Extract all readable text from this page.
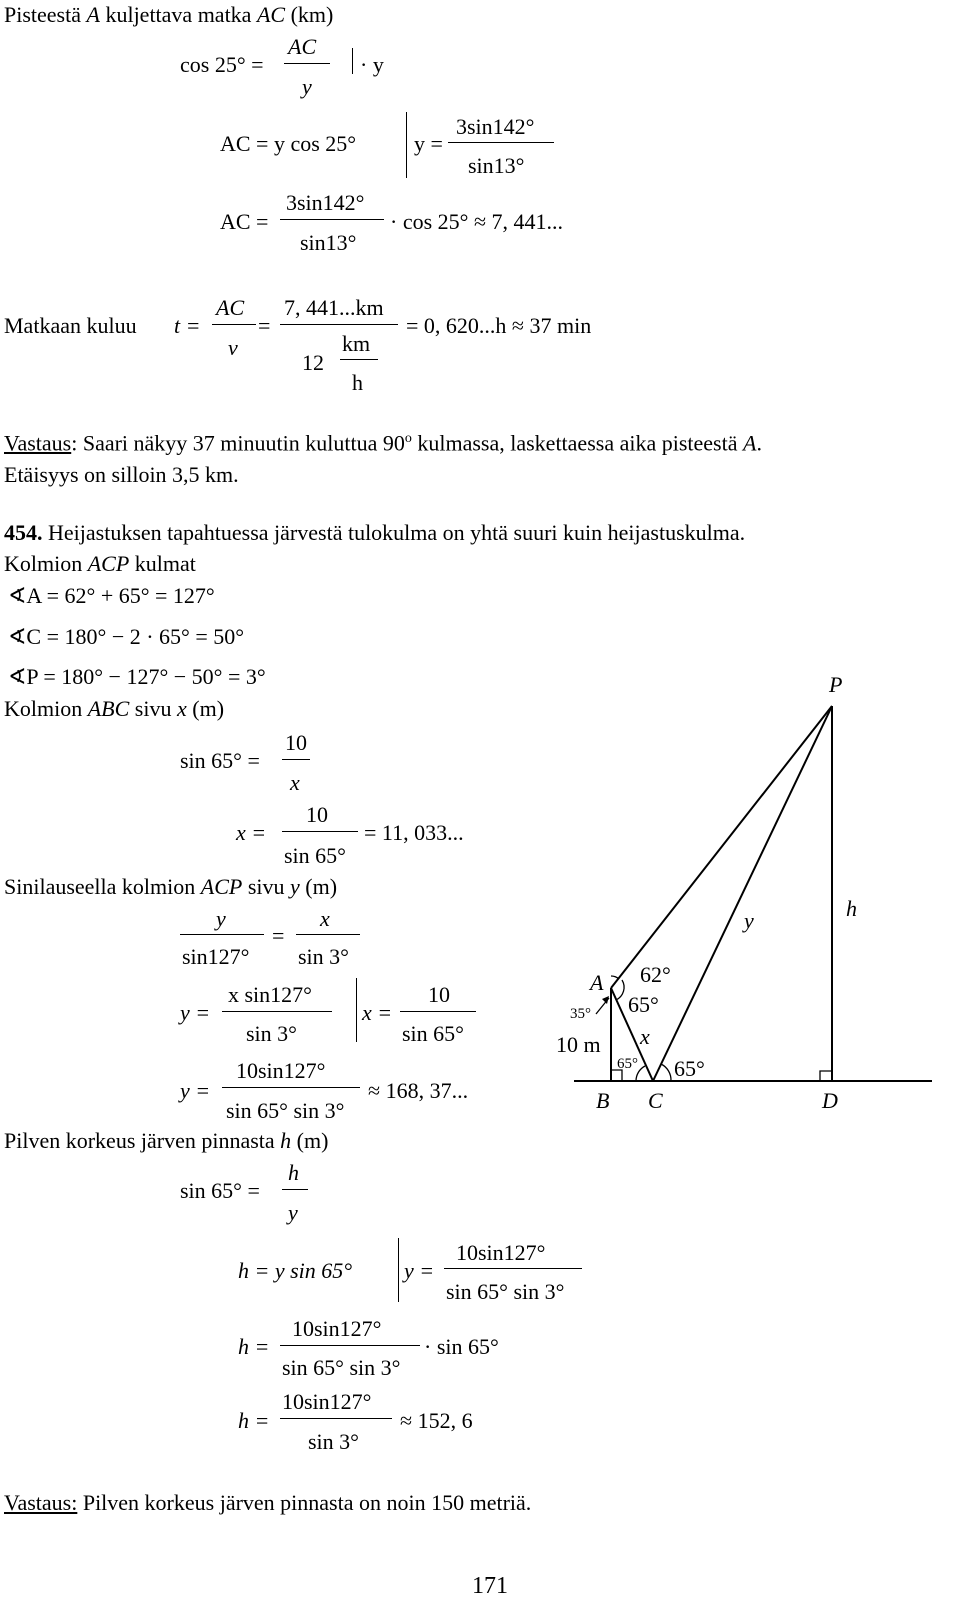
Pisteestä A kuljettava matka AC (km)
cos 25° =
AC
y
· y
AC = y cos 25°	y =
3sin142°
sin13°
AC =
3sin142°
sin13°
· cos 25° ≈ 7, 441...
Matkaan kuluu t =
AC
v
=
7, 441...km
12
km
h
= 0, 620...h ≈ 37 min
Vastaus: Saari näkyy 37 minuutin kuluttua 90$^o$ kulmassa, laskettaessa aika pisteestä A.
Etäisyys on silloin 3,5 km.
454. Heijastuksen tapahtuessa järvestä tulokulma on yhtä suuri kuin heijastuskulma.
Kolmion ACP kulmat
∢A = 62° + 65° = 127°
∢C = 180° − 2 · 65° = 50°
∢P = 180° − 127° − 50° = 3°
Kolmion ABC sivu x (m)
sin 65° =
10
x
x =
10
sin 65°
= 11, 033...
Sinilauseella kolmion ACP sivu y (m)
y
sin127°
=
x
sin 3°
y =
x sin127°
sin 3°
x =
10
sin 65°
y =
10sin127°
sin 65° sin 3°
≈ 168, 37...
Pilven korkeus järven pinnasta h (m)
sin 65° =
h
y
h = y sin 65° y =
10sin127°
sin 65° sin 3°
h =
10sin127°
sin 65° sin 3°
· sin 65°
h =
10sin127°
sin 3°
≈ 152, 6
Vastaus: Pilven korkeus järven pinnasta on noin 150 metriä.
171
P
h
y
A 62°
65°
x
10 m
65°
B C	D
35°
65°
